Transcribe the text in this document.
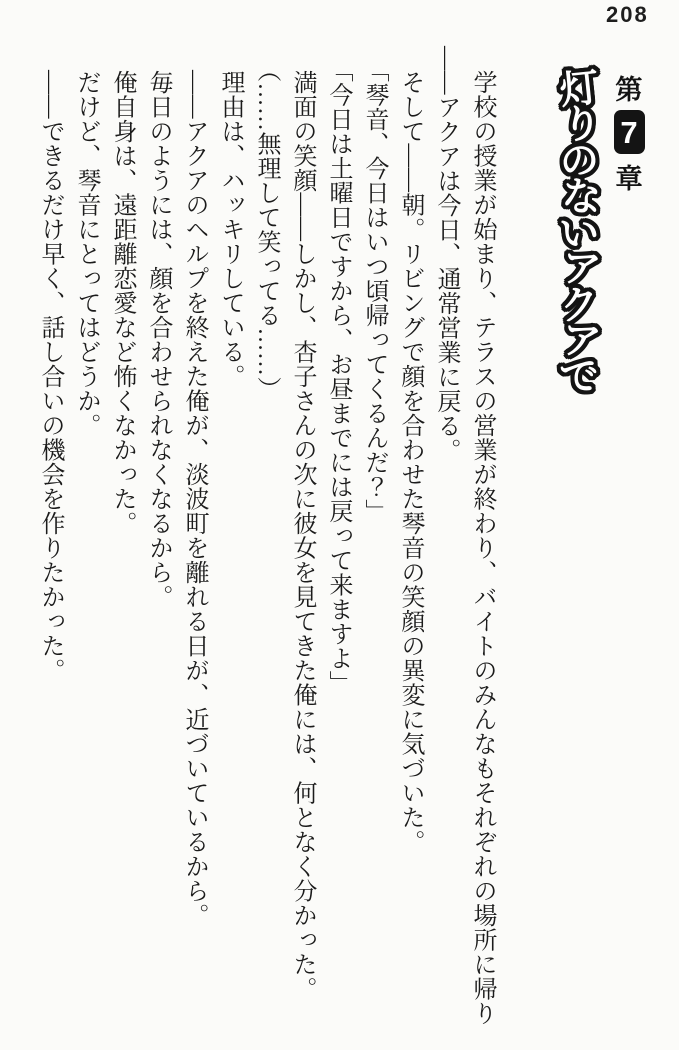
208
第
7
章
灯
り
の
な
い
ア
ク
ア
で

学校の授業が始まり、テラスの営業が終わり、バイトのみんなもそれぞれの場所に帰り

――アクアは今日、通常営業に戻る。

そして――朝。リビングで顔を合わせた琴音の笑顔の異変に気づいた。

「琴音、今日はいつ頃帰ってくるんだ？」

「今日は土曜日ですから、お昼までには戻って来ますよ」

満面の笑顔――しかし、杏子さんの次に彼女を見てきた俺には、何となく分かった。

（……無理して笑ってる……）

理由は、ハッキリしている。

――アクアのヘルプを終えた俺が、淡波町を離れる日が、近づいているから。

毎日のようには、顔を合わせられなくなるから。

俺自身は、遠距離恋愛など怖くなかった。

だけど、琴音にとってはどうか。

――できるだけ早く、話し合いの機会を作りたかった。
